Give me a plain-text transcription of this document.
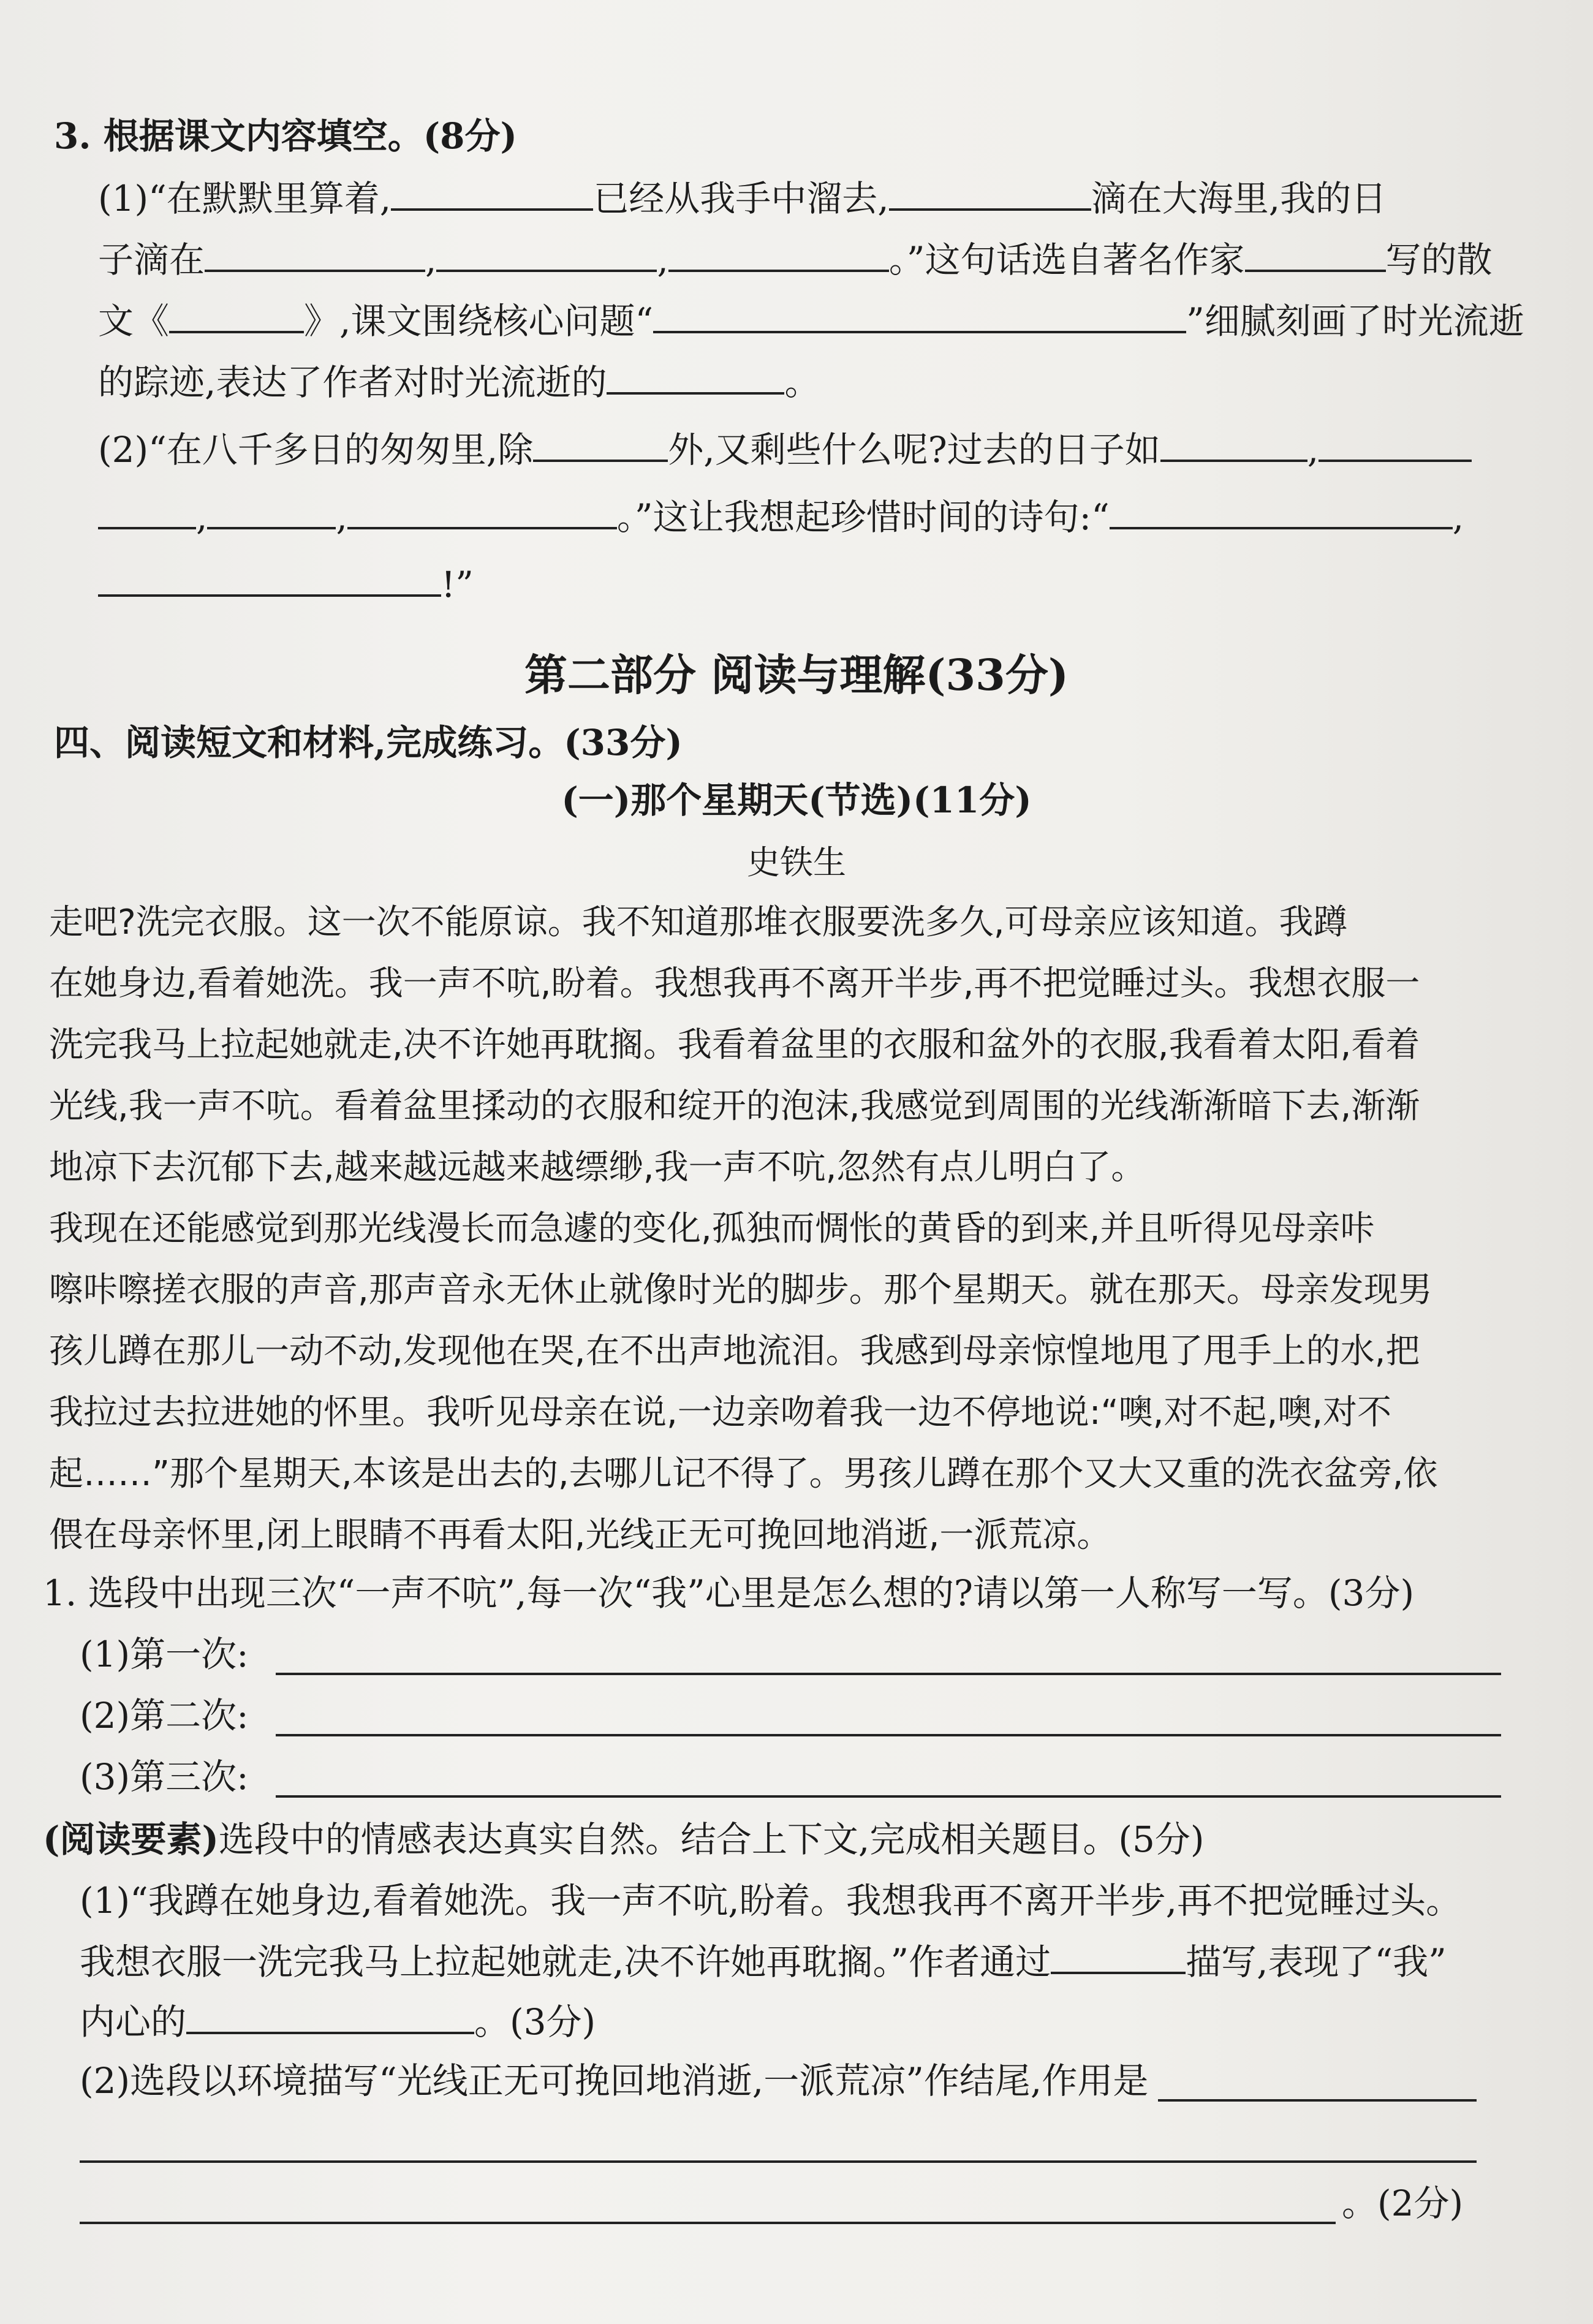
3. 根据课文内容填空。(8分)
(1)“在默默里算着,	已经从我手中溜去,	滴在大海里,我的日
子滴在	,	,	。”这句话选自著名作家	写的散
文《	》,课文围绕核心问题“	”细腻刻画了时光流逝
的踪迹,表达了作者对时光流逝的	。
(2)“在八千多日的匆匆里,除	外,又剩些什么呢?过去的日子如	,
,	,	。”这让我想起珍惜时间的诗句:“	,
!”
第二部分 阅读与理解(33分)
四、阅读短文和材料,完成练习。(33分)
(一)那个星期天(节选)(11分)
史铁生
走吧?洗完衣服。这一次不能原谅。我不知道那堆衣服要洗多久,可母亲应该知道。我蹲
在她身边,看着她洗。我一声不吭,盼着。我想我再不离开半步,再不把觉睡过头。我想衣服一
洗完我马上拉起她就走,决不许她再耽搁。我看着盆里的衣服和盆外的衣服,我看着太阳,看着
光线,我一声不吭。看着盆里揉动的衣服和绽开的泡沫,我感觉到周围的光线渐渐暗下去,渐渐
地凉下去沉郁下去,越来越远越来越缥缈,我一声不吭,忽然有点儿明白了。
我现在还能感觉到那光线漫长而急遽的变化,孤独而惆怅的黄昏的到来,并且听得见母亲咔
嚓咔嚓搓衣服的声音,那声音永无休止就像时光的脚步。那个星期天。就在那天。母亲发现男
孩儿蹲在那儿一动不动,发现他在哭,在不出声地流泪。我感到母亲惊惶地甩了甩手上的水,把
我拉过去拉进她的怀里。我听见母亲在说,一边亲吻着我一边不停地说:“噢,对不起,噢,对不
起……”那个星期天,本该是出去的,去哪儿记不得了。男孩儿蹲在那个又大又重的洗衣盆旁,依
偎在母亲怀里,闭上眼睛不再看太阳,光线正无可挽回地消逝,一派荒凉。
1. 选段中出现三次“一声不吭”,每一次“我”心里是怎么想的?请以第一人称写一写。(3分)
(1)第一次:
(2)第二次:
(3)第三次:
(阅读要素)选段中的情感表达真实自然。结合上下文,完成相关题目。(5分)
(1)“我蹲在她身边,看着她洗。我一声不吭,盼着。我想我再不离开半步,再不把觉睡过头。
我想衣服一洗完我马上拉起她就走,决不许她再耽搁。”作者通过	描写,表现了“我”
内心的	。(3分)
(2)选段以环境描写“光线正无可挽回地消逝,一派荒凉”作结尾,作用是
。(2分)
